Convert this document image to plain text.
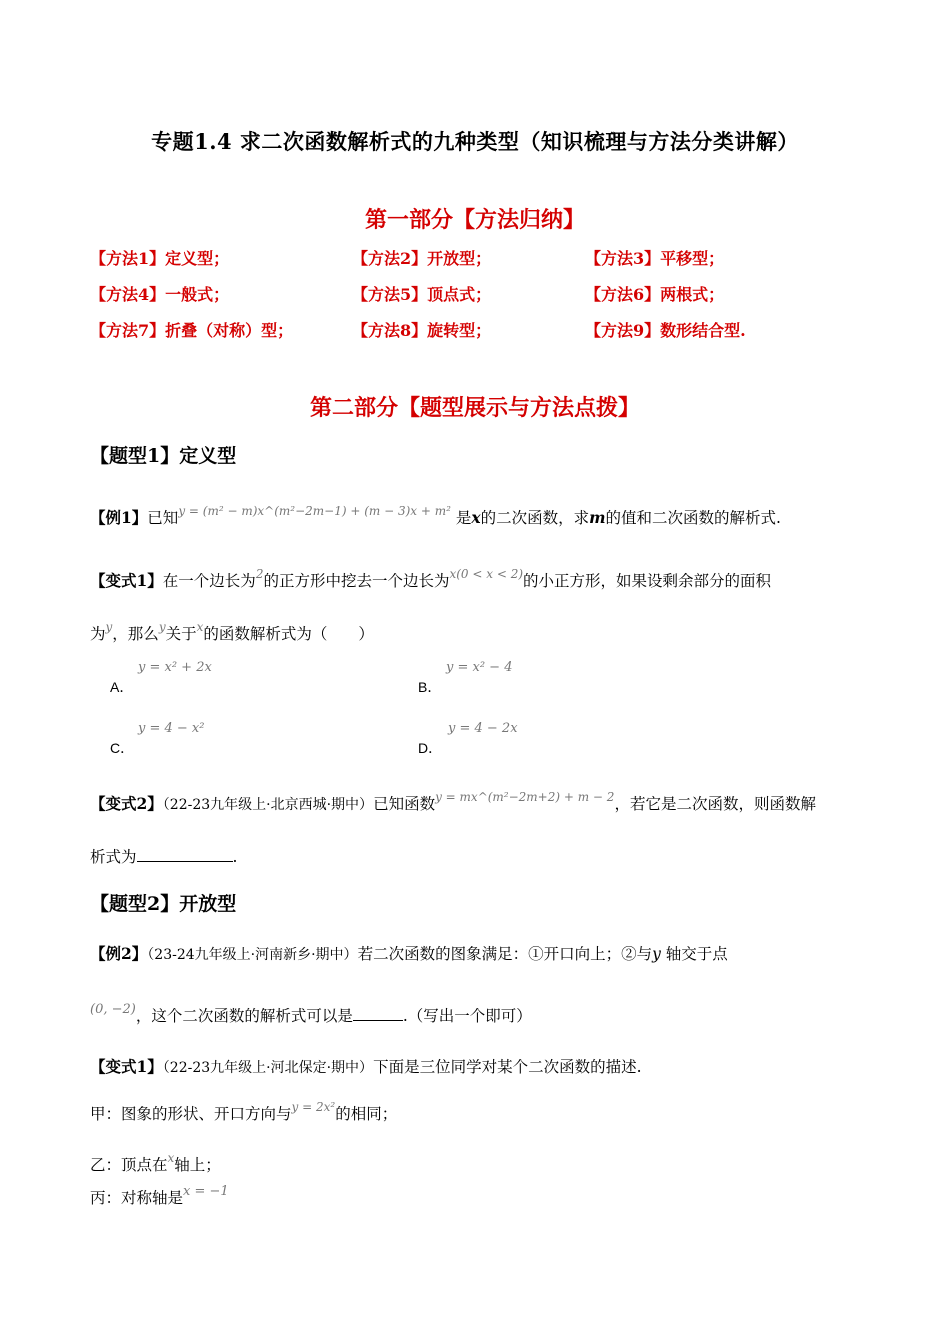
专题1.4 求二次函数解析式的九种类型（知识梳理与方法分类讲解）
第一部分【方法归纳】
【方法1】定义型；	【方法2】开放型；	【方法3】平移型；
【方法4】一般式；	【方法5】顶点式；	【方法6】两根式；
【方法7】折叠（对称）型；	【方法8】旋转型；	【方法9】数形结合型.
第二部分【题型展示与方法点拨】
【题型1】定义型
【例1】已知$^{y = (m^2 - m)x\^{}(m^2-2m-1) + (m - 3)x + m^2}$ 是x的二次函数，求m的值和二次函数的解析式.
【变式1】在一个边长为$^2$的正方形中挖去一个边长为$^{x(0 < x < 2)}$的小正方形，如果设剩余部分的面积
为$^y$，那么$^y$关于$^x$的函数解析式为（　　）
y = x² + 2x
A．
y = x² − 4
B．
y = 4 − x²
C．
y = 4 − 2x
D．
【变式2】（22-23九年级上·北京西城·期中）已知函数$^{y = mx\^{}(m^2-2m+2) + m - 2}$，若它是二次函数，则函数解
析式为	.
【题型2】开放型
【例2】（23-24九年级上·河南新乡·期中）若二次函数的图象满足：①开口向上；②与y 轴交于点
$^{(0, -2)}$，这个二次函数的解析式可以是	.（写出一个即可）
【变式1】（22-23九年级上·河北保定·期中）下面是三位同学对某个二次函数的描述.
甲：图象的形状、开口方向与$^{y = 2x^2}$的相同；
乙：顶点在$^x$轴上；
丙：对称轴是$^{x = -1}$
